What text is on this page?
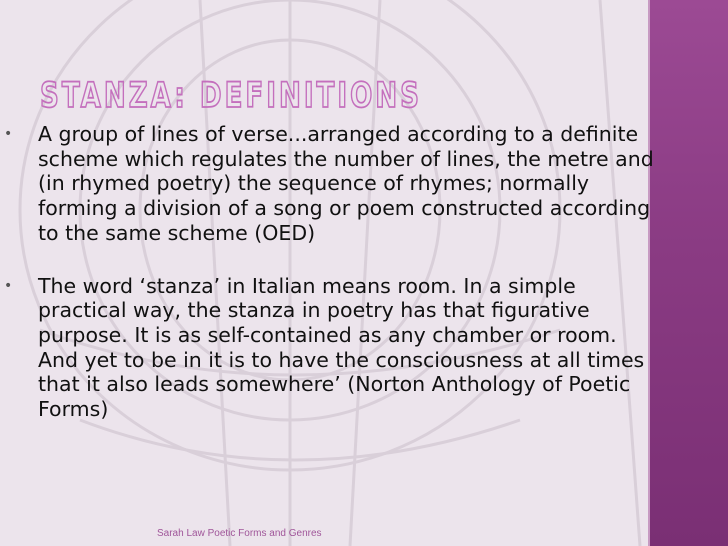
STANZA: DEFINITIONS

• A group of lines of verse...arranged according to a definite scheme which regulates the number of lines, the metre and (in rhymed poetry) the sequence of rhymes; normally forming a division of a song or poem constructed according to the same scheme (OED)

• The word ‘stanza’ in Italian means room. In a simple practical way, the stanza in poetry has that figurative purpose. It is as self-contained as any chamber or room. And yet to be in it is to have the consciousness at all times that it also leads somewhere’ (Norton Anthology of Poetic Forms)

Sarah Law Poetic Forms and Genres
